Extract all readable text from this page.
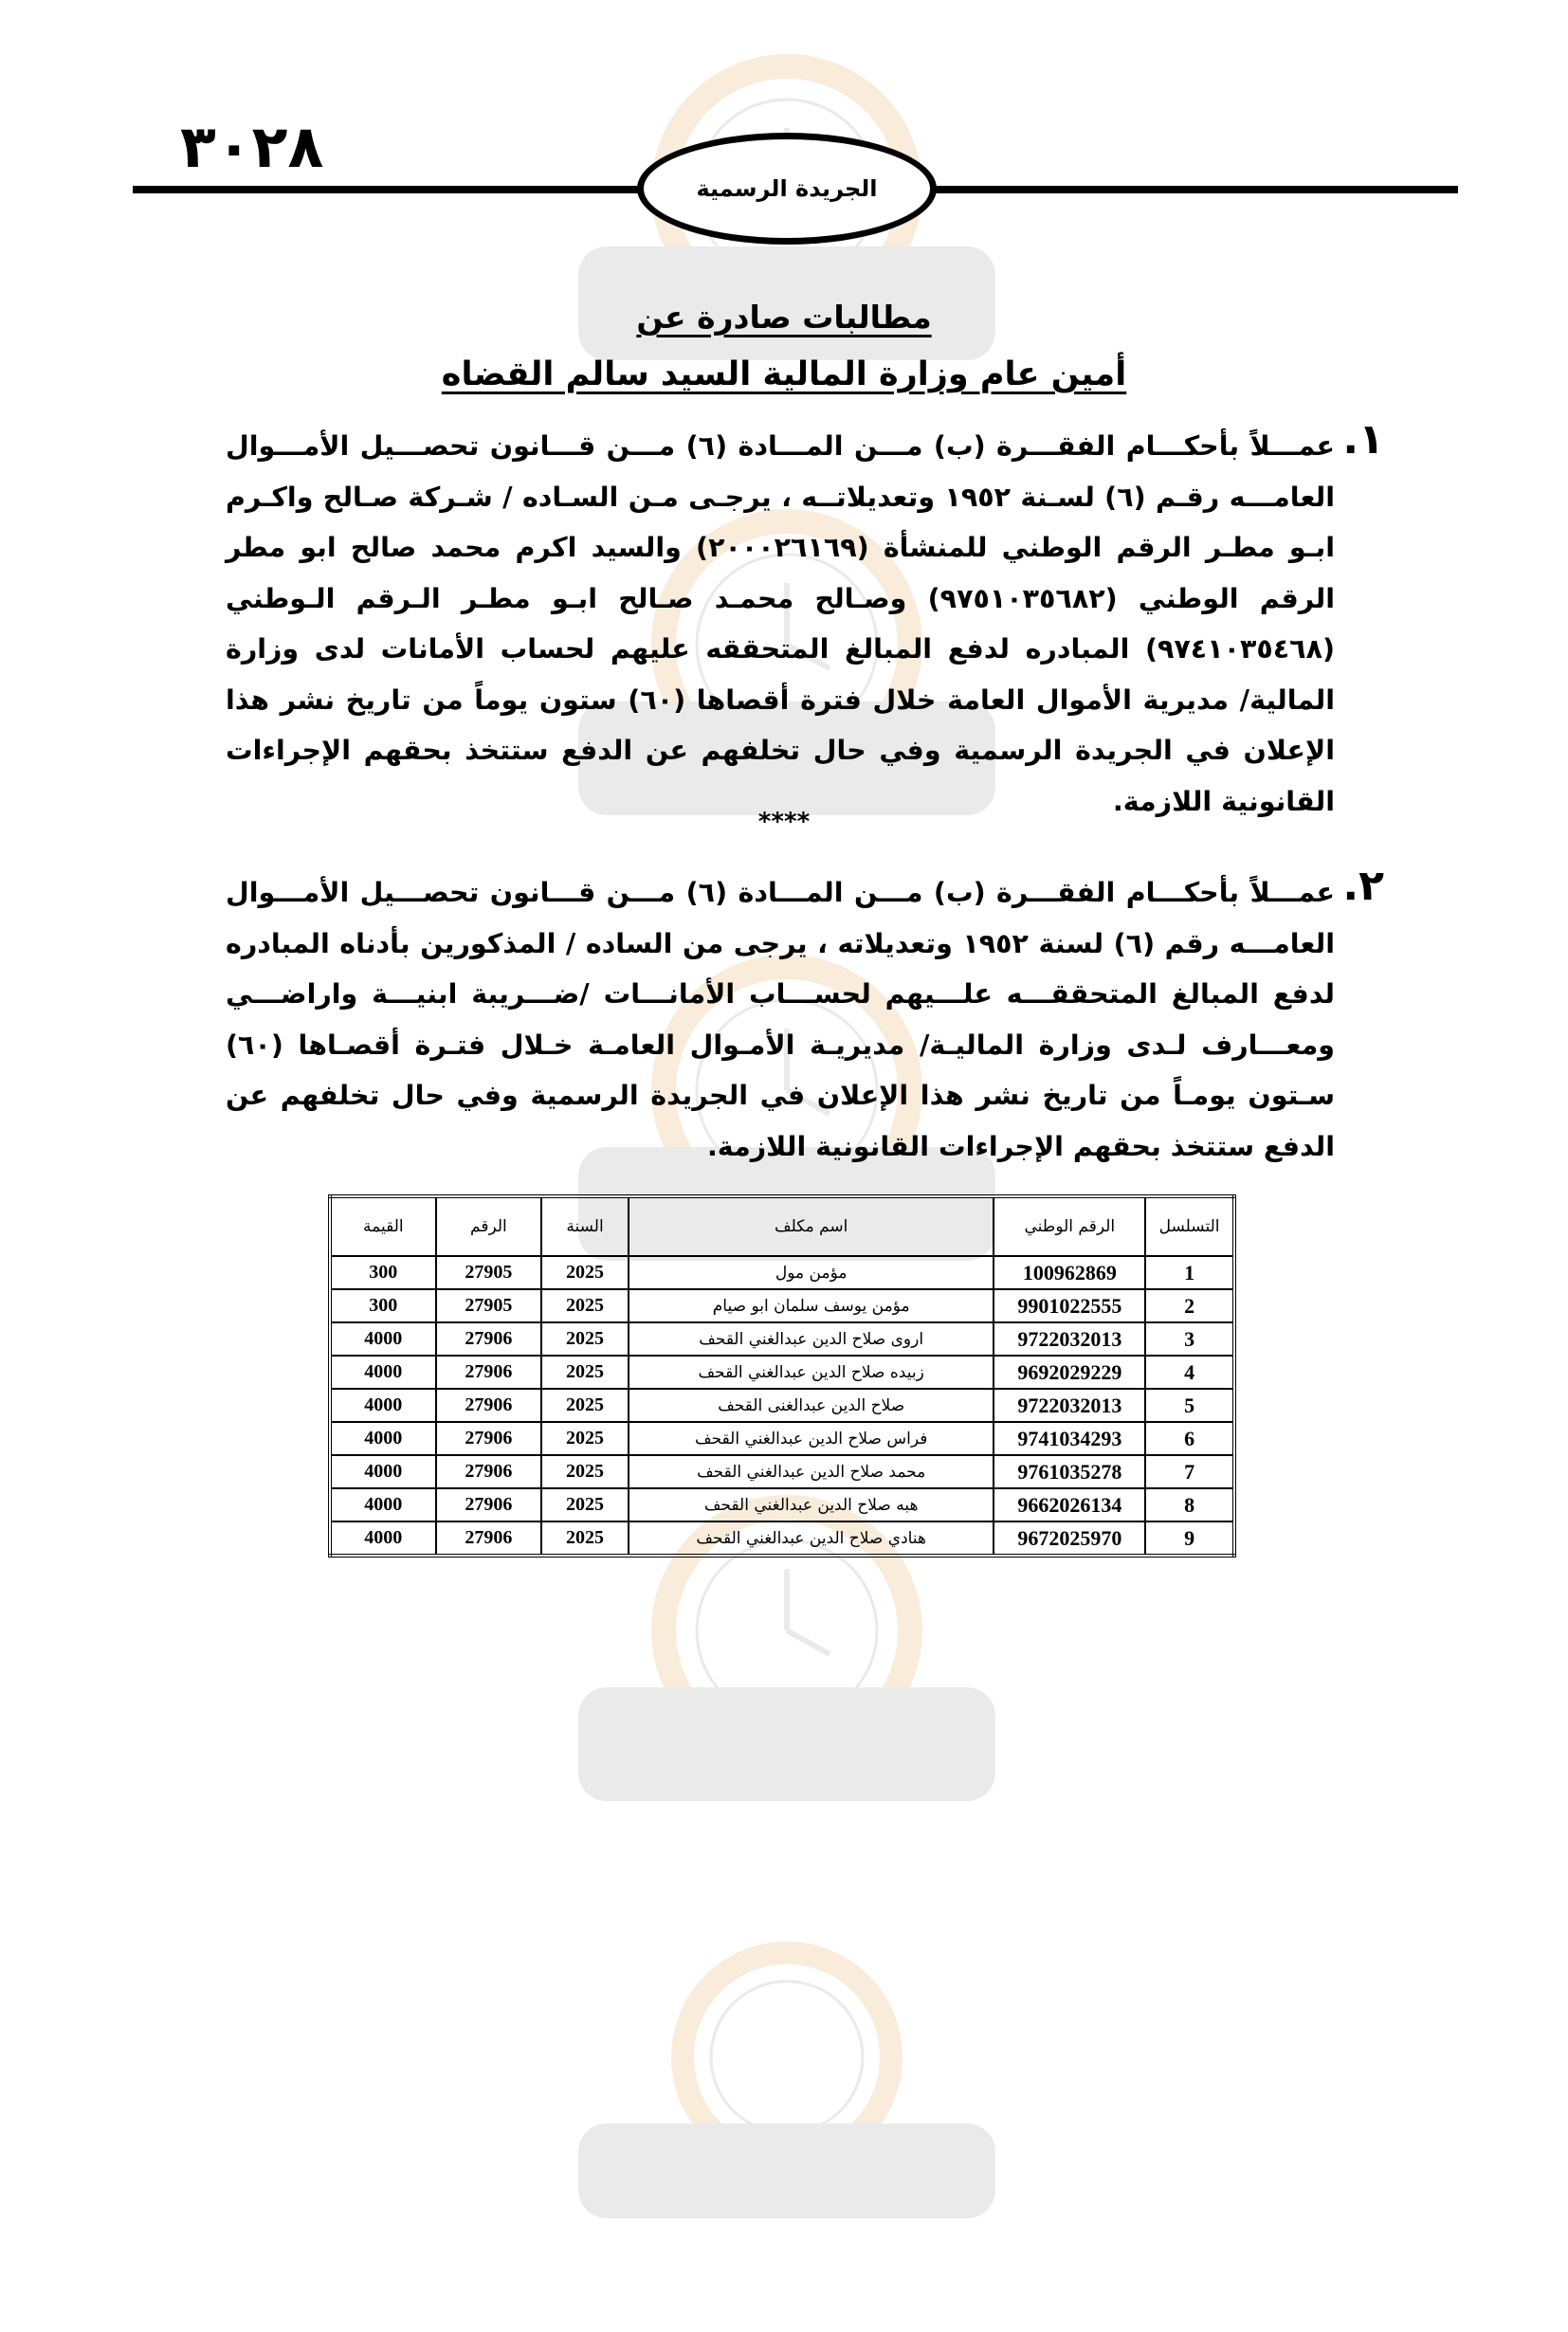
٣٠٢٨
الجريدة الرسمية
مطالبات صادرة عن
أمين عام وزارة المالية السيد سالم القضاه
١.

عمـــلاً بأحكـــام الفقـــرة (ب) مـــن المـــادة (٦) مـــن قـــانون تحصـــيل الأمـــوال العامـــه رقـم (٦) لسـنة ١٩٥٢ وتعديلاتــه ، يرجـى مـن السـاده / شـركة صـالح واكـرم ابـو مطـر الرقم الوطني للمنشأة (٢٠٠٠٢٦١٦٩) والسيد اكرم محمد صالح ابو مطر الرقم الوطني (٩٧٥١٠٣٥٦٨٢) وصـالح محمـد صـالح ابـو مطـر الـرقم الـوطني (٩٧٤١٠٣٥٤٦٨) المبادره لدفع المبالغ المتحققه عليهم لحساب الأمانات لدى وزارة المالية/ مديرية الأموال العامة خلال فترة أقصاها (٦٠) ستون يوماً من تاريخ نشر هذا الإعلان في الجريدة الرسمية وفي حال تخلفهم عن الدفع ستتخذ بحقهم الإجراءات القانونية اللازمة.

****
٢.

عمـــلاً بأحكـــام الفقـــرة (ب) مـــن المـــادة (٦) مـــن قـــانون تحصـــيل الأمـــوال العامـــه رقم (٦) لسنة ١٩٥٢ وتعديلاته ، يرجى من الساده / المذكورين بأدناه المبادره لدفع المبالغ المتحققـــه علـــيهم لحســـاب الأمانـــات /ضـــريبة ابنيـــة واراضـــي ومعـــارف لـدى وزارة الماليـة/ مديريـة الأمـوال العامـة خـلال فتـرة أقصـاها (٦٠) سـتون يومـاً من تاريخ نشر هذا الإعلان في الجريدة الرسمية وفي حال تخلفهم عن الدفع ستتخذ بحقهم الإجراءات القانونية اللازمة.

التسلسل	الرقم الوطني	اسم مكلف	السنة	الرقم	القيمة
1	100962869	مؤمن مول	2025	27905	300
2	9901022555	مؤمن يوسف سلمان ابو صيام	2025	27905	300
3	9722032013	اروى صلاح الدين عبدالغني القحف	2025	27906	4000
4	9692029229	زبيده صلاح الدين عبدالغني القحف	2025	27906	4000
5	9722032013	صلاح الدين عبدالغنى القحف	2025	27906	4000
6	9741034293	فراس صلاح الدين عبدالغني القحف	2025	27906	4000
7	9761035278	محمد صلاح الدين عبدالغني القحف	2025	27906	4000
8	9662026134	هبه صلاح الدين عبدالغني القحف	2025	27906	4000
9	9672025970	هنادي صلاح الدين عبدالغني القحف	2025	27906	4000
